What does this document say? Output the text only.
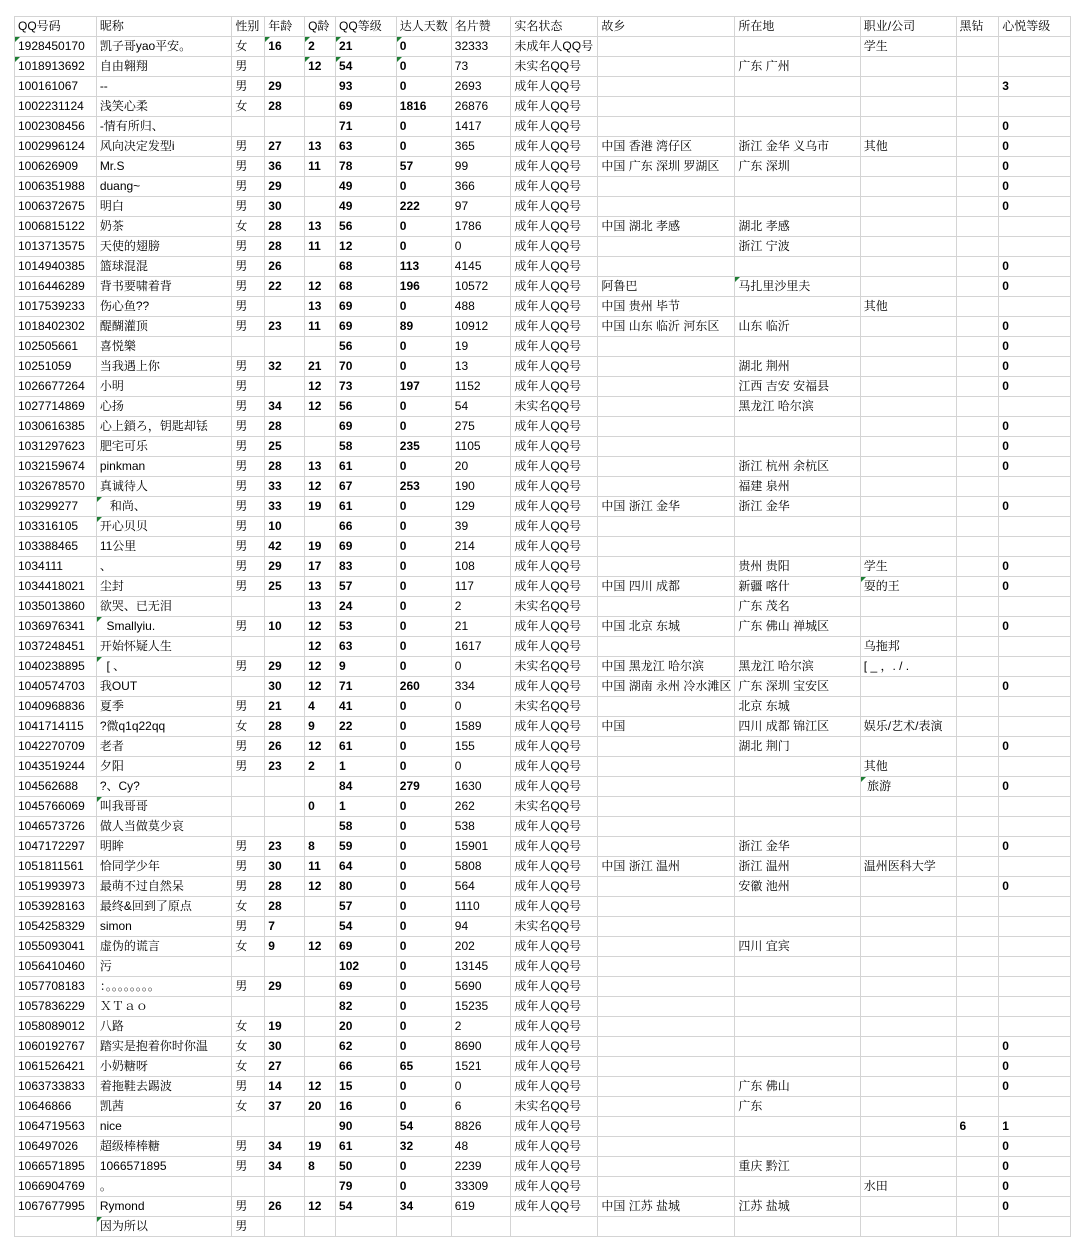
QQ号码	昵称	性别	年龄	Q龄	QQ等级	达人天数	名片赞	实名状态	故乡	所在地	职业/公司	黑钻	心悦等级
1928450170	凯子哥yao平安。	女	16	2	21	0	32333	未成年人QQ号			学生		
1018913692	自由翱翔	男		12	54	0	73	未实名QQ号		广东 广州			
100161067	--	男	29		93	0	2693	成年人QQ号					3
1002231124	浅笑心柔	女	28		69	1816	26876	成年人QQ号					
1002308456	-情有所归、				71	0	1417	成年人QQ号					0
1002996124	风向决定发型i	男	27	13	63	0	365	成年人QQ号	中国 香港 湾仔区	浙江 金华 义乌市	其他		0
100626909	Mr.S	男	36	11	78	57	99	成年人QQ号	中国 广东 深圳 罗湖区	广东 深圳			0
1006351988	duang~	男	29		49	0	366	成年人QQ号					0
1006372675	明白	男	30		49	222	97	成年人QQ号					0
1006815122	奶茶	女	28	13	56	0	1786	成年人QQ号	中国 湖北 孝感	湖北 孝感			
1013713575	天使的翅膀	男	28	11	12	0	0	成年人QQ号		浙江 宁波			
1014940385	篮球混混	男	26		68	113	4145	成年人QQ号					0
1016446289	背书要啸着背	男	22	12	68	196	10572	成年人QQ号	阿鲁巴	马扎里沙里夫			0
1017539233	伤心鱼??	男		13	69	0	488	成年人QQ号	中国 贵州 毕节		其他		
1018402302	醍醐灌顶	男	23	11	69	89	10912	成年人QQ号	中国 山东 临沂 河东区	山东 临沂			0
102505661	喜悦樂				56	0	19	成年人QQ号					0
10251059	当我遇上你	男	32	21	70	0	13	成年人QQ号		湖北 荆州			0
1026677264	小明	男		12	73	197	1152	成年人QQ号		江西 吉安 安福县			0
1027714869	心扬	男	34	12	56	0	54	未实名QQ号		黑龙江 哈尔滨			
1030616385	心上鎖ろ，钥匙却铥	男	28		69	0	275	成年人QQ号					0
1031297623	肥宅可乐	男	25		58	235	1105	成年人QQ号					0
1032159674	pinkman	男	28	13	61	0	20	成年人QQ号		浙江 杭州 余杭区			0
1032678570	真诚待人	男	33	12	67	253	190	成年人QQ号		福建 泉州			
103299277	和尚、	男	33	19	61	0	129	成年人QQ号	中国 浙江 金华	浙江 金华			0
103316105	开心贝贝	男	10		66	0	39	成年人QQ号					
103388465	11公里	男	42	19	69	0	214	成年人QQ号					
1034111	、	男	29	17	83	0	108	成年人QQ号		贵州 贵阳	学生		0
1034418021	尘封	男	25	13	57	0	117	成年人QQ号	中国 四川 成都	新疆 喀什	耍的王		0
1035013860	欲哭、已无泪			13	24	0	2	未实名QQ号		广东 茂名			
1036976341	Smallyiu.	男	10	12	53	0	21	成年人QQ号	中国 北京 东城	广东 佛山 禅城区			0
1037248451	开始怀疑人生			12	63	0	1617	成年人QQ号			乌拖邦		
1040238895	[ 、	男	29	12	9	0	0	未实名QQ号	中国 黑龙江 哈尔滨	黑龙江 哈尔滨	[ _ ，. / .		
1040574703	我OUT		30	12	71	260	334	成年人QQ号	中国 湖南 永州 冷水滩区	广东 深圳 宝安区			0
1040968836	夏季	男	21	4	41	0	0	未实名QQ号		北京 东城			
1041714115	?微q1q22qq	女	28	9	22	0	1589	成年人QQ号	中国	四川 成都 锦江区	娱乐/艺术/表演		
1042270709	老者	男	26	12	61	0	155	成年人QQ号		湖北 荆门			0
1043519244	夕阳	男	23	2	1	0	0	成年人QQ号			其他		
104562688	?、Cy?				84	279	1630	成年人QQ号			旅游		0
1045766069	叫我哥哥			0	1	0	262	未实名QQ号					
1046573726	做人当做莫少哀				58	0	538	成年人QQ号					
1047172297	明眸	男	23	8	59	0	15901	成年人QQ号		浙江 金华			0
1051811561	恰同学少年	男	30	11	64	0	5808	成年人QQ号	中国 浙江 温州	浙江 温州	温州医科大学		
1051993973	最萌不过自然呆	男	28	12	80	0	564	成年人QQ号		安徽 池州			0
1053928163	最终&回到了原点	女	28		57	0	1110	成年人QQ号					
1054258329	simon	男	7		54	0	94	未实名QQ号					
1055093041	虚伪的谎言	女	9	12	69	0	202	成年人QQ号		四川 宜宾			
1056410460	污				102	0	13145	成年人QQ号					
1057708183	：。。。。。。。。	男	29		69	0	5690	成年人QQ号					
1057836229	ＸＴａｏ				82	0	15235	成年人QQ号					
1058089012	八路	女	19		20	0	2	成年人QQ号					
1060192767	踏实是抱着你时你温	女	30		62	0	8690	成年人QQ号					0
1061526421	小奶糖呀	女	27		66	65	1521	成年人QQ号					0
1063733833	着拖鞋去踢波	男	14	12	15	0	0	成年人QQ号		广东 佛山			0
10646866	凯茜	女	37	20	16	0	6	未实名QQ号		广东			
1064719563	nice				90	54	8826	成年人QQ号				6	1
106497026	超级棒棒糖	男	34	19	61	32	48	成年人QQ号					0
1066571895	1066571895	男	34	8	50	0	2239	成年人QQ号		重庆 黔江			0
1066904769	。				79	0	33309	成年人QQ号			水田		0
1067677995	Rymond	男	26	12	54	34	619	成年人QQ号	中国 江苏 盐城	江苏 盐城			0
	因为所以	男											
